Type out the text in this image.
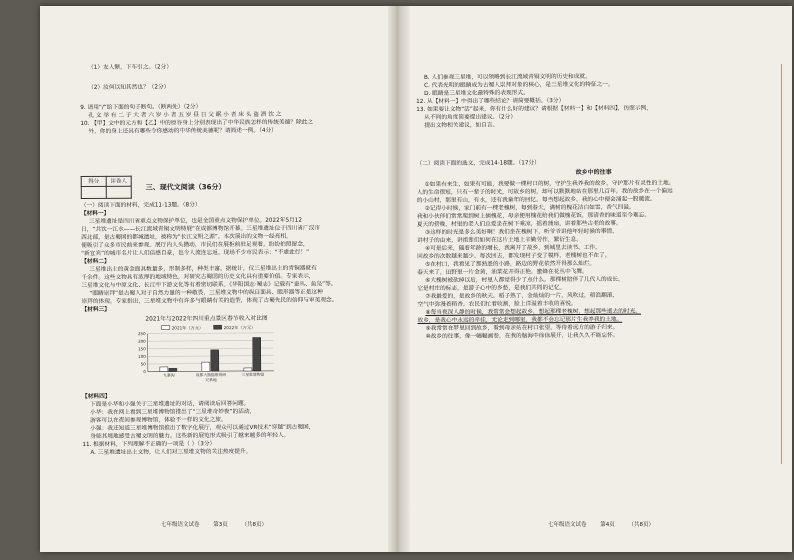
（1）友人惭，下车引之。（2分）
（2）汝何以知其然也？（2分）
9. 请用“/”给下面的句子断句。（断两处）（2分）
孔 文 举 有 二 子 大 者 六 岁 小 者 五 岁 昼 日 父 眠 小 者 床 头 盗 酒 饮 之
10. 【甲】文中的元方和【乙】中的原谷身上分别表现出了中华民族怎样的传统美德？除此之
外，你的身上还具有哪些令你感动的中华传统美德呢？请简述一例。（4分）
得分	评卷人

三、现代文阅读（36分）
（一）阅读下面的材料，完成11-13题。（8分）
【材料一】
三星堆遗址是四川省重点文物保护单位，也是全国重点文物保护单位。2022年5月12
日，“共饮一江水——长江流域青铜文明特展”在成都博物馆开幕。三星堆遗址位于四川省广汉市
西北部，是古蜀国的都城遗址，被称为“长江文明之源”。本次展出的文物一经亮相，
便吸引了众多市民前来参观。展厅内人头攒动，市民们在展柜前驻足观看，纷纷拍照留念，
“新宜宾”的城市名片让人们倍感自豪，也令人流连忘返。现场不少市民表示：“不虚此行！”
【材料二】
三星堆出土的黄金面具数量多，形制多样，种类丰富。据统计，仅三星堆出土的青铜器就有
千余件。这些文物具有浓厚的地域特色，对研究古蜀国的历史文化具有重要价值。专家表示，
三星堆文化与中原文化、长江中下游文化等有着密切联系。《华阳国志·蜀志》记载有“蚕丛、鱼凫”等。
“眼睛崇拜”是古蜀人对于自然力量的一种敬畏，三星堆文物中的纵目面具、眼形器等正是这种
崇拜的体现。专家指出，三星堆文物中有许多与眼睛有关的造型，体现了古蜀先民的信仰与审美观念。
【材料三】
2021年与2022年四川重点景区春节收入对比图
2021年（万元）	2022年（万元）
0
50
100
150
200
250
九寨沟	成都大熊猫繁育研
究基地
三星堆博物馆
【材料四】
下面是小华和小强关于三星堆遗址的对话，请阅读后回答问题。
小华：我在网上看到三星堆博物馆推出了“三星堆奇妙夜”的活动，
游客可以在夜间参观博物馆，体验不一样的文化之旅。
小强：我还知道三星堆博物馆推出了数字化展厅，观众可以通过VR技术“穿越”到古蜀国，
身临其境地感受古蜀文明的魅力。这些新的展览形式吸引了越来越多的年轻人。
11. 根据材料，下列理解不正确的一项是（ ）（3分）
A. 三星堆遗址出土文物，让人们对三星堆文物的关注热度提升。
七年级语文试卷	第3页	（共8页）
B. 人们参观三星堆，可以领略到长江流域青铜文明的历史和成就。
C. 代表光明的眼睛成为古蜀人崇拜对象的核心，是三星堆文化的特征之一。
D. 眼睛是三星堆文化最特殊的表现形式。
12. 从【材料一】中得出了哪些结论？请简要概括。（3分）
13. 如果要让文物“活”起来，你有什么好的建议？请根据【材料一】和【材料四】，仿照示例，
从不同的角度简要提出建议。（2分）
提出文物相关建议，如自言。
（二）阅读下面的选文，完成14-18题。（17分）
故乡中的往事
①如果有来生，如果有可能，我要做一棵村口的树，守护生我养我的故乡，守护那片有灵性的土地。
人的生命很短，只有一辈子的时光，可故乡的树，却可以默默地站在那里几百年。我的故乡在一个偏远
的小山村，那里有山，有水，还有我童年的回忆。每当想起故乡，我的心中便会涌起一股暖流。
②记得小时候，家门前有一棵老槐树，每到春天，满树的槐花洁白如雪，香气四溢。
我和小伙伴们常常爬到树上摘槐花，母亲便用槐花给我们做槐花饭，那清香的味道至今难忘。
夏天的傍晚，村里的老人们总爱坐在树下乘凉，摇着蒲扇，讲着那些古老的故事。
③这样的时光是多么美好啊！我们坐在槐树下，听爷爷讲他年轻时候的事情，
讲村子的由来，讲祖辈们如何在这片土地上辛勤劳作，繁衍生息。
④可是后来，随着年龄的增长，我离开了故乡，到城里去读书、工作，
回故乡的次数越来越少。每次回去，都发现村子变了模样，老槐树也不在了。
⑤在村口，我看见了那熟悉的小路，路边的野花依然开得那么灿烂。
春天来了，田野里一片金黄，油菜花开得正艳，蜜蜂在花丛中飞舞。
⑥大槐树被砍掉以后，村里人都觉得少了点什么。那棵树陪伴了几代人的成长，
它是村庄的标志，是游子心中的乡愁，是我们共同的记忆。
⑦我最爱的，是故乡的秋天。稻子熟了，金灿灿的一片，风吹过，稻浪翻滚，
空气中弥漫着稻香。农民们忙着收割，脸上洋溢着丰收的喜悦。
⑧每当夜深人静的时候，我常常会想起故乡，想起那棵老槐树，想起那些逝去的时光。
故乡，是我心中永远的牵挂，无论走到哪里，我都不会忘记那片生我养我的土地。
⑨我常常在梦里回到故乡，看到母亲站在村口张望，等待着远方的游子归来。
⑩故乡的往事，像一幅幅画卷，在我的脑海中徐徐展开，让我久久不能忘怀。
七年级语文试卷	第4页	（共8页）
